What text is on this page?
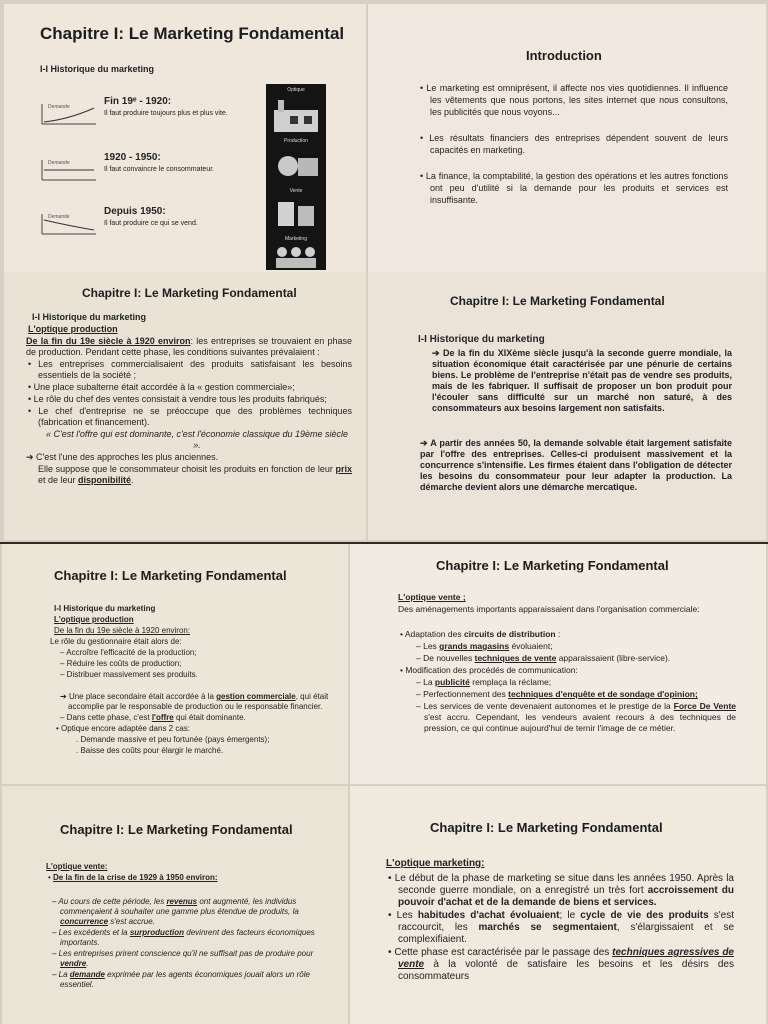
Chapitre I: Le Marketing Fondamental
I-I Historique du marketing
Demande	Fin 19ᵉ - 1920:
Il faut produire toujours plus et plus vite.
Demande	1920 - 1950:
Il faut convaincre le consommateur.
Demande	Depuis 1950:
Il faut produire ce qui se vend.
Optique
Production
Vente
Marketing
Chapitre I: Le Marketing Fondamental
I-I Historique du marketing
L'optique production

De la fin du 19e siècle à 1920 environ: les entreprises se trouvaient en phase de production. Pendant cette phase, les conditions suivantes prévalaient :

• Les entreprises commercialisaient des produits satisfaisant les besoins essentiels de la société ;

• Une place subalterne était accordée à la « gestion commerciale»;

• Le rôle du chef des ventes consistait à vendre tous les produits fabriqués;

• Le chef d'entreprise ne se préoccupe que des problèmes techniques (fabrication et financement).

« C'est l'offre qui est dominante, c'est l'économie classique du 19ème siècle ».

➔ C'est l'une des approches les plus anciennes.

Elle suppose que le consommateur choisit les produits en fonction de leur prix et de leur disponibilité.

Introduction

• Le marketing est omniprésent, il affecte nos vies quotidiennes. Il influence les vêtements que nous portons, les sites internet que nous consultons, les publicités que nous voyons...

• Les résultats financiers des entreprises dépendent souvent de leurs capacités en marketing.

• La finance, la comptabilité, la gestion des opérations et les autres fonctions ont peu d'utilité si la demande pour les produits et services est insuffisante.

Chapitre I: Le Marketing Fondamental
I-I Historique du marketing

➔ De la fin du XIXème siècle jusqu'à la seconde guerre mondiale, la situation économique était caractérisée par une pénurie de certains biens. Le problème de l'entreprise n'était pas de vendre ses produits, mais de les fabriquer. Il suffisait de proposer un bon produit pour l'écouler sans difficulté sur un marché non saturé, à des consommateurs aux besoins largement non satisfaits.

➔ A partir des années 50, la demande solvable était largement satisfaite par l'offre des entreprises. Celles-ci produisent massivement et la concurrence s'intensifie. Les firmes étaient dans l'obligation de détecter les besoins du consommateur pour leur adapter la production. La démarche devient alors une démarche mercatique.

Chapitre I: Le Marketing Fondamental

I-I Historique du marketing

L'optique production

De la fin du 19e siècle à 1920 environ:

Le rôle du gestionnaire était alors de:

– Accroître l'efficacité de la production;

– Réduire les coûts de production;

– Distribuer massivement ses produits.

➔ Une place secondaire était accordée à la gestion commerciale, qui était accomplie par le responsable de production ou le responsable financier.

– Dans cette phase, c'est l'offre qui était dominante.

• Optique encore adaptée dans 2 cas:

. Demande massive et peu fortunée (pays émergents);

. Baisse des coûts pour élargir le marché.

Chapitre I: Le Marketing Fondamental

L'optique vente:

• De la fin de la crise de 1929 à 1950 environ:

– Au cours de cette période, les revenus ont augmenté, les individus commençaient à souhaiter une gamme plus étendue de produits, la concurrence s'est accrue.

– Les excédents et la surproduction devinrent des facteurs économiques importants.

– Les entreprises prirent conscience qu'il ne suffisait pas de produire pour vendre.

– La demande exprimée par les agents économiques jouait alors un rôle essentiel.

Chapitre I: Le Marketing Fondamental

L'optique vente ;

Des aménagements importants apparaissaient dans l'organisation commerciale:

• Adaptation des circuits de distribution :

– Les grands magasins évoluaient;

– De nouvelles techniques de vente apparaissaient (libre-service).

• Modification des procédés de communication:

– La publicité remplaça la réclame;

– Perfectionnement des techniques d'enquête et de sondage d'opinion;

– Les services de vente devenaient autonomes et le prestige de la Force De Vente s'est accru. Cependant, les vendeurs avaient recours à des techniques de pression, ce qui continue aujourd'hui de ternir l'image de ce métier.

Chapitre I: Le Marketing Fondamental

L'optique marketing:

• Le début de la phase de marketing se situe dans les années 1950. Après la seconde guerre mondiale, on a enregistré un très fort accroissement du pouvoir d'achat et de la demande de biens et services.

• Les habitudes d'achat évoluaient; le cycle de vie des produits s'est raccourcit, les marchés se segmentaient, s'élargissaient et se complexifiaient.

• Cette phase est caractérisée par le passage des techniques agressives de vente à la volonté de satisfaire les besoins et les désirs des consommateurs
